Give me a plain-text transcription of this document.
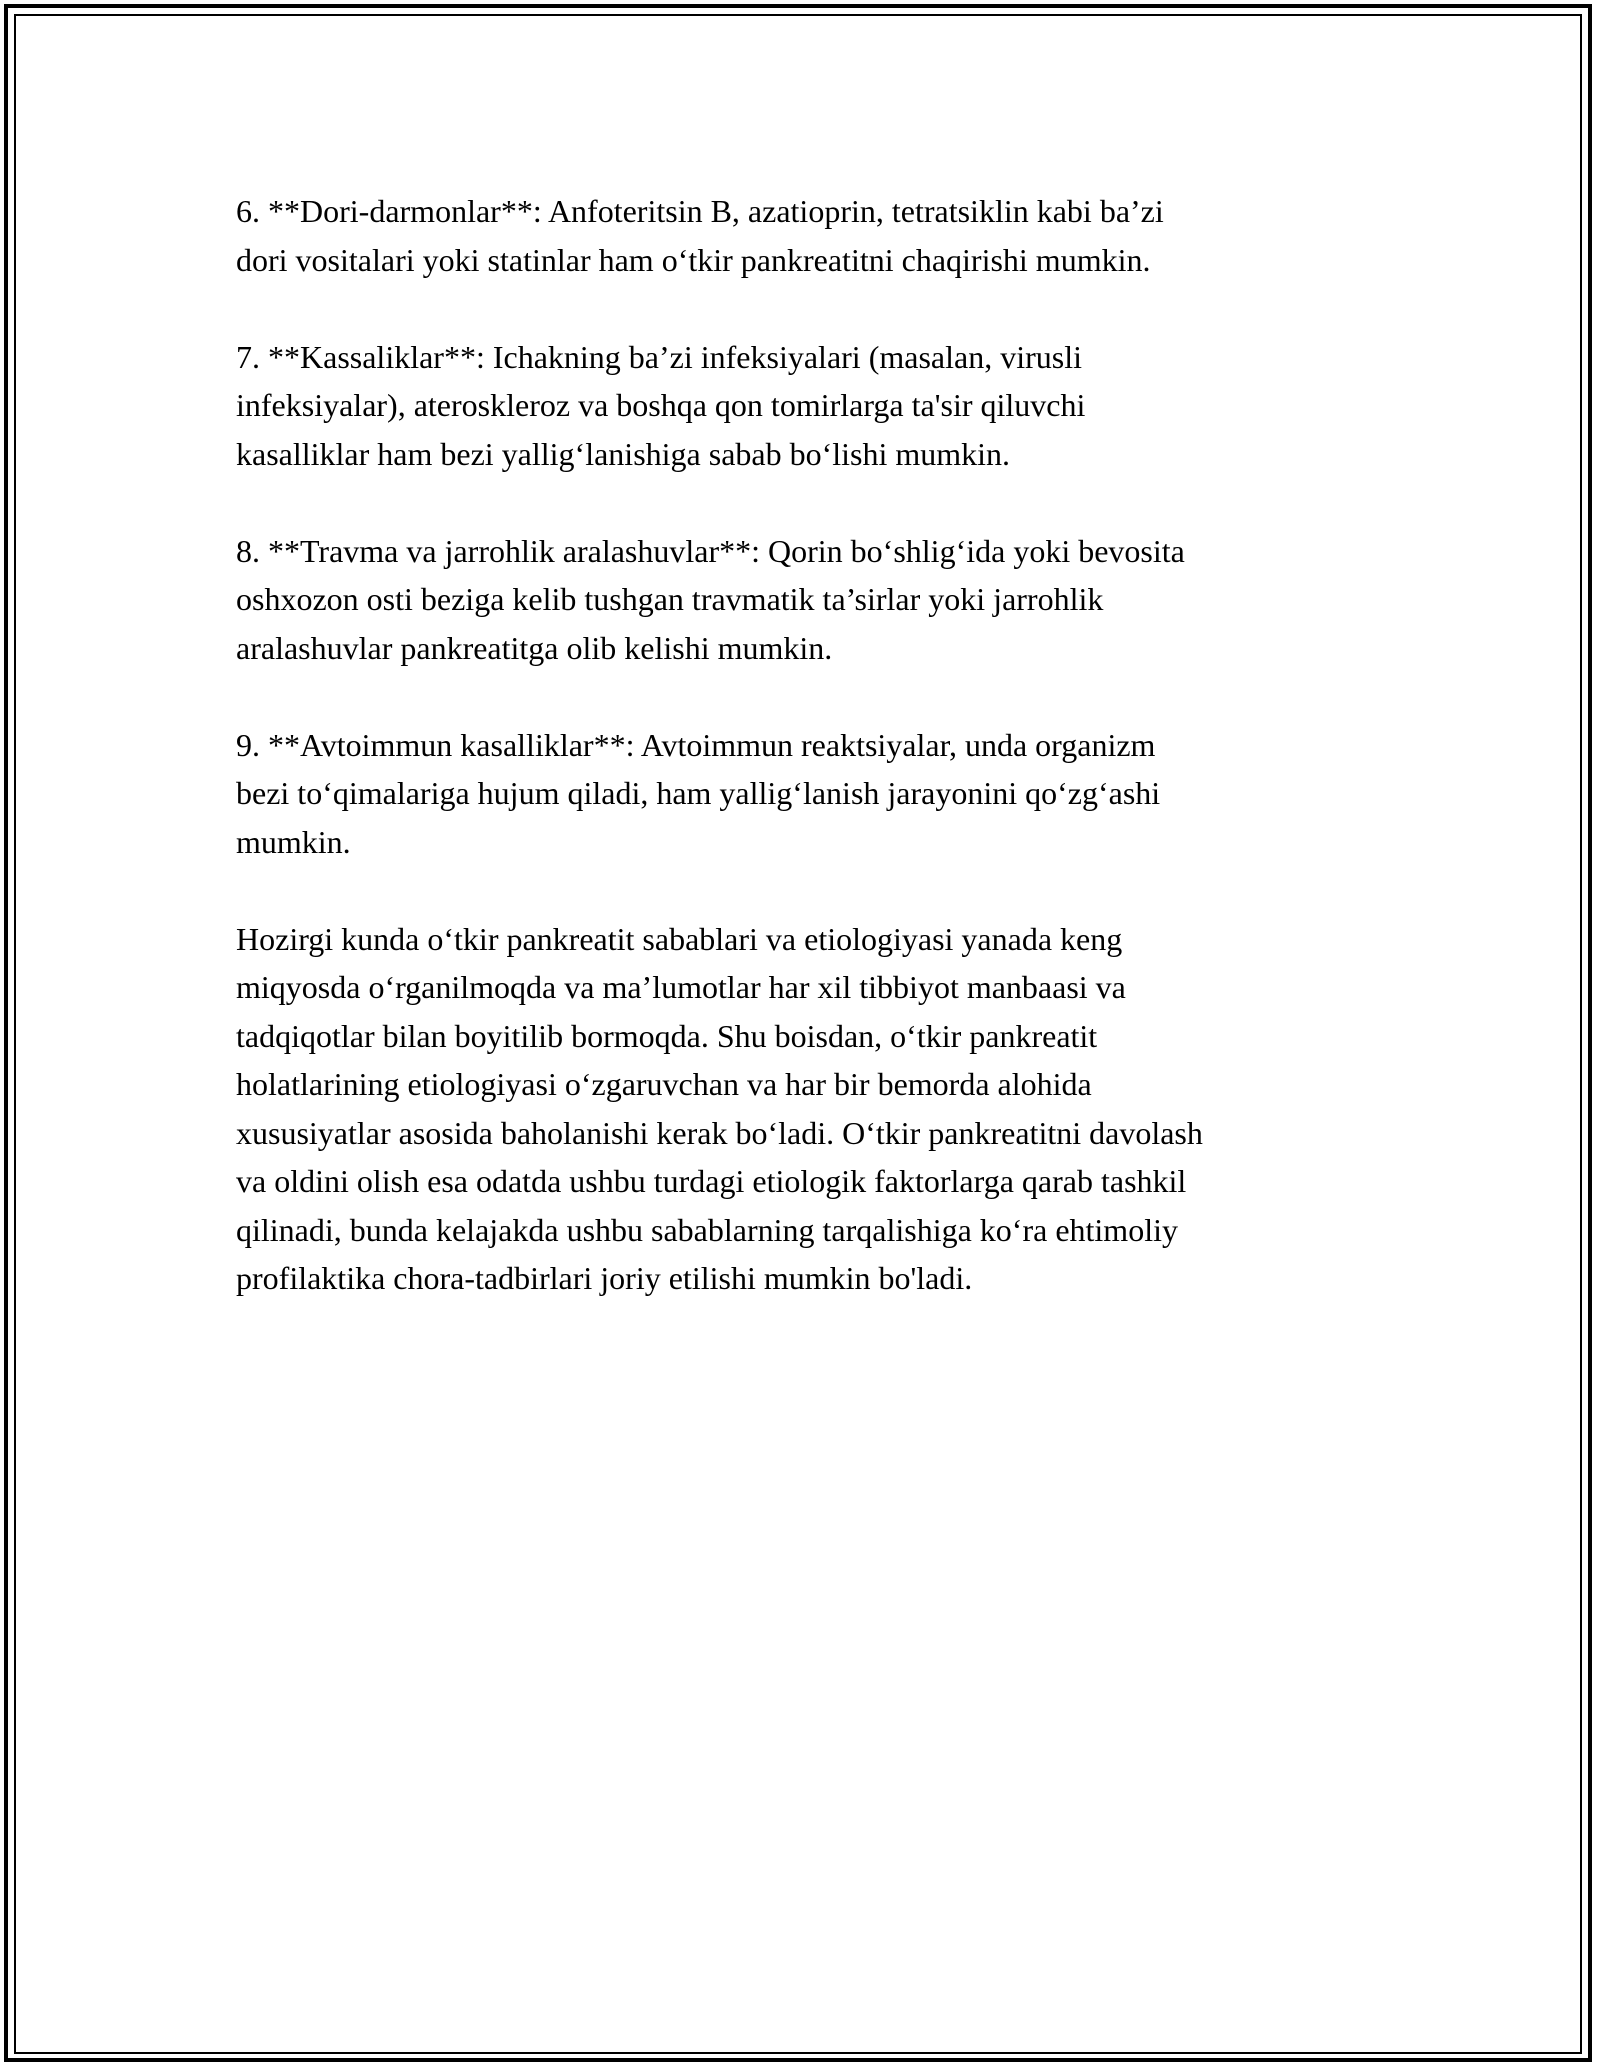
6. **Dori-darmonlar**: Anfoteritsin B, azatioprin, tetratsiklin kabi ba’zi
dori vositalari yoki statinlar ham o‘tkir pankreatitni chaqirishi mumkin.

7. **Kassaliklar**: Ichakning ba’zi infeksiyalari (masalan, virusli
infeksiyalar), ateroskleroz va boshqa qon tomirlarga ta'sir qiluvchi
kasalliklar ham bezi yallig‘lanishiga sabab bo‘lishi mumkin.

8. **Travma va jarrohlik aralashuvlar**: Qorin bo‘shlig‘ida yoki bevosita
oshxozon osti beziga kelib tushgan travmatik ta’sirlar yoki jarrohlik
aralashuvlar pankreatitga olib kelishi mumkin.

9. **Avtoimmun kasalliklar**: Avtoimmun reaktsiyalar, unda organizm
bezi to‘qimalariga hujum qiladi, ham yallig‘lanish jarayonini qo‘zg‘ashi
mumkin.

Hozirgi kunda o‘tkir pankreatit sabablari va etiologiyasi yanada keng
miqyosda o‘rganilmoqda va ma’lumotlar har xil tibbiyot manbaasi va
tadqiqotlar bilan boyitilib bormoqda. Shu boisdan, o‘tkir pankreatit
holatlarining etiologiyasi o‘zgaruvchan va har bir bemorda alohida
xususiyatlar asosida baholanishi kerak bo‘ladi. O‘tkir pankreatitni davolash
va oldini olish esa odatda ushbu turdagi etiologik faktorlarga qarab tashkil
qilinadi, bunda kelajakda ushbu sabablarning tarqalishiga ko‘ra ehtimoliy
profilaktika chora-tadbirlari joriy etilishi mumkin bo'ladi.
